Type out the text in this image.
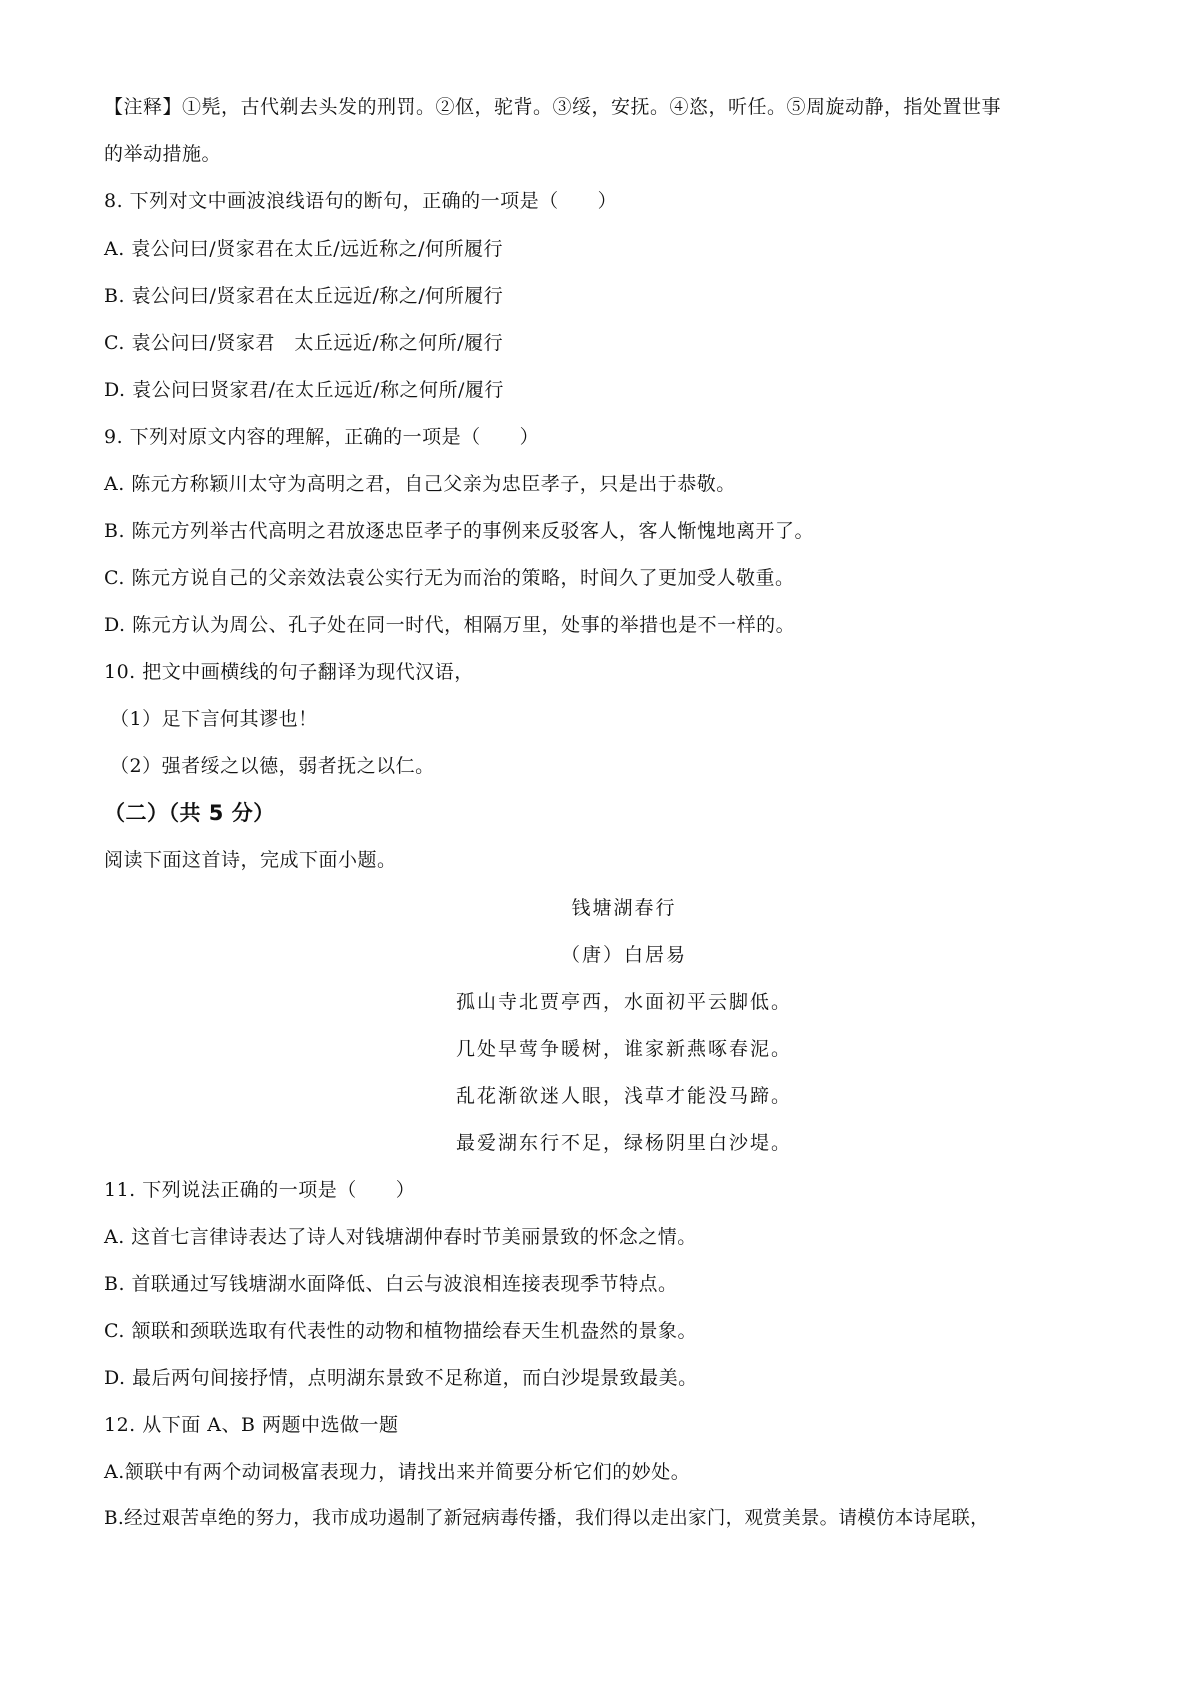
【注释】①髡，古代剃去头发的刑罚。②伛，驼背。③绥，安抚。④恣，听任。⑤周旋动静，指处置世事
的举动措施。
8. 下列对文中画波浪线语句的断句，正确的一项是（　　）
A. 袁公问曰/贤家君在太丘/远近称之/何所履行
B. 袁公问曰/贤家君在太丘远近/称之/何所履行
C. 袁公问曰/贤家君　太丘远近/称之何所/履行
D. 袁公问曰贤家君/在太丘远近/称之何所/履行
9. 下列对原文内容的理解，正确的一项是（　　）
A. 陈元方称颖川太守为高明之君，自己父亲为忠臣孝子，只是出于恭敬。
B. 陈元方列举古代高明之君放逐忠臣孝子的事例来反驳客人，客人惭愧地离开了。
C. 陈元方说自己的父亲效法袁公实行无为而治的策略，时间久了更加受人敬重。
D. 陈元方认为周公、孔子处在同一时代，相隔万里，处事的举措也是不一样的。
10. 把文中画横线的句子翻译为现代汉语，
（1）足下言何其谬也！
（2）强者绥之以德，弱者抚之以仁。
（二）（共 5 分）
阅读下面这首诗，完成下面小题。
钱塘湖春行
（唐）白居易
孤山寺北贾亭西，水面初平云脚低。
几处早莺争暖树，谁家新燕啄春泥。
乱花渐欲迷人眼，浅草才能没马蹄。
最爱湖东行不足，绿杨阴里白沙堤。
11. 下列说法正确的一项是（　　）
A. 这首七言律诗表达了诗人对钱塘湖仲春时节美丽景致的怀念之情。
B. 首联通过写钱塘湖水面降低、白云与波浪相连接表现季节特点。
C. 颔联和颈联选取有代表性的动物和植物描绘春天生机盎然的景象。
D. 最后两句间接抒情，点明湖东景致不足称道，而白沙堤景致最美。
12. 从下面 A、B 两题中选做一题
A.颔联中有两个动词极富表现力，请找出来并简要分析它们的妙处。
B.经过艰苦卓绝的努力，我市成功遏制了新冠病毒传播，我们得以走出家门，观赏美景。请模仿本诗尾联，
